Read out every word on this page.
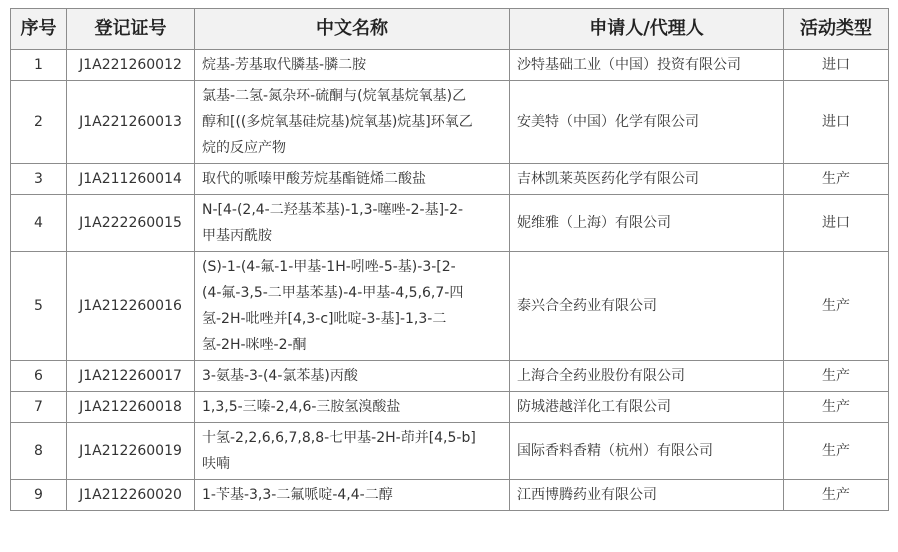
序号	登记证号	中文名称	申请人/代理人	活动类型
1	J1A221260012	烷基-芳基取代膦基-膦二胺	沙特基础工业（中国）投资有限公司	进口
2	J1A221260013	氯基-二氢-氮杂环-硫酮与(烷氧基烷氧基)乙
醇和[((多烷氧基硅烷基)烷氧基)烷基]环氧乙
烷的反应产物	安美特（中国）化学有限公司	进口
3	J1A211260014	取代的哌嗪甲酸芳烷基酯链烯二酸盐	吉林凯莱英医药化学有限公司	生产
4	J1A222260015	N-[4-(2,4-二羟基苯基)-1,3-噻唑-2-基]-2-
甲基丙酰胺	妮维雅（上海）有限公司	进口
5	J1A212260016	(S)-1-(4-氟-1-甲基-1H-吲唑-5-基)-3-[2-
(4-氟-3,5-二甲基苯基)-4-甲基-4,5,6,7-四
氢-2H-吡唑并[4,3-c]吡啶-3-基]-1,3-二
氢-2H-咪唑-2-酮	泰兴合全药业有限公司	生产
6	J1A212260017	3-氨基-3-(4-氯苯基)丙酸	上海合全药业股份有限公司	生产
7	J1A212260018	1,3,5-三嗪-2,4,6-三胺氢溴酸盐	防城港越洋化工有限公司	生产
8	J1A212260019	十氢-2,2,6,6,7,8,8-七甲基-2H-茚并[4,5-b]
呋喃	国际香料香精（杭州）有限公司	生产
9	J1A212260020	1-苄基-3,3-二氟哌啶-4,4-二醇	江西博腾药业有限公司	生产
